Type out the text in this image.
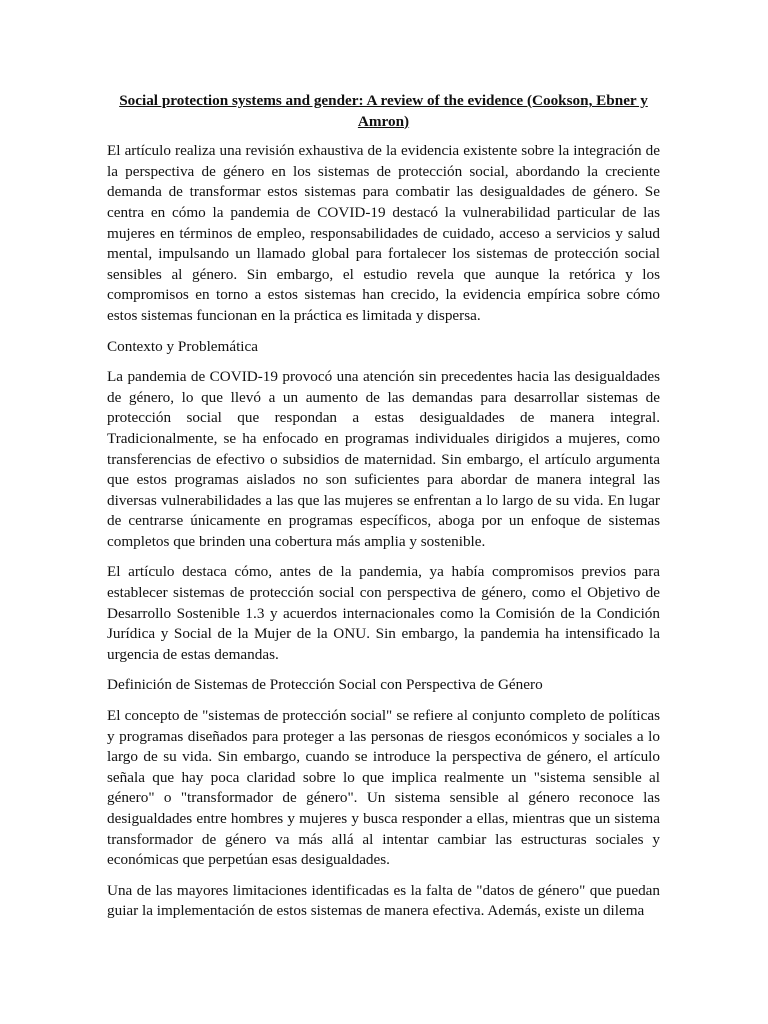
Social protection systems and gender: A review of the evidence (Cookson, Ebner y Amron)

El artículo realiza una revisión exhaustiva de la evidencia existente sobre la integración de la perspectiva de género en los sistemas de protección social, abordando la creciente demanda de transformar estos sistemas para combatir las desigualdades de género. Se centra en cómo la pandemia de COVID-19 destacó la vulnerabilidad particular de las mujeres en términos de empleo, responsabilidades de cuidado, acceso a servicios y salud mental, impulsando un llamado global para fortalecer los sistemas de protección social sensibles al género. Sin embargo, el estudio revela que aunque la retórica y los compromisos en torno a estos sistemas han crecido, la evidencia empírica sobre cómo estos sistemas funcionan en la práctica es limitada y dispersa.

Contexto y Problemática

La pandemia de COVID-19 provocó una atención sin precedentes hacia las desigualdades de género, lo que llevó a un aumento de las demandas para desarrollar sistemas de protección social que respondan a estas desigualdades de manera integral. Tradicionalmente, se ha enfocado en programas individuales dirigidos a mujeres, como transferencias de efectivo o subsidios de maternidad. Sin embargo, el artículo argumenta que estos programas aislados no son suficientes para abordar de manera integral las diversas vulnerabilidades a las que las mujeres se enfrentan a lo largo de su vida. En lugar de centrarse únicamente en programas específicos, aboga por un enfoque de sistemas completos que brinden una cobertura más amplia y sostenible.

El artículo destaca cómo, antes de la pandemia, ya había compromisos previos para establecer sistemas de protección social con perspectiva de género, como el Objetivo de Desarrollo Sostenible 1.3 y acuerdos internacionales como la Comisión de la Condición Jurídica y Social de la Mujer de la ONU. Sin embargo, la pandemia ha intensificado la urgencia de estas demandas.

Definición de Sistemas de Protección Social con Perspectiva de Género

El concepto de "sistemas de protección social" se refiere al conjunto completo de políticas y programas diseñados para proteger a las personas de riesgos económicos y sociales a lo largo de su vida. Sin embargo, cuando se introduce la perspectiva de género, el artículo señala que hay poca claridad sobre lo que implica realmente un "sistema sensible al género" o "transformador de género". Un sistema sensible al género reconoce las desigualdades entre hombres y mujeres y busca responder a ellas, mientras que un sistema transformador de género va más allá al intentar cambiar las estructuras sociales y económicas que perpetúan esas desigualdades.

Una de las mayores limitaciones identificadas es la falta de "datos de género" que puedan guiar la implementación de estos sistemas de manera efectiva. Además, existe un dilema
